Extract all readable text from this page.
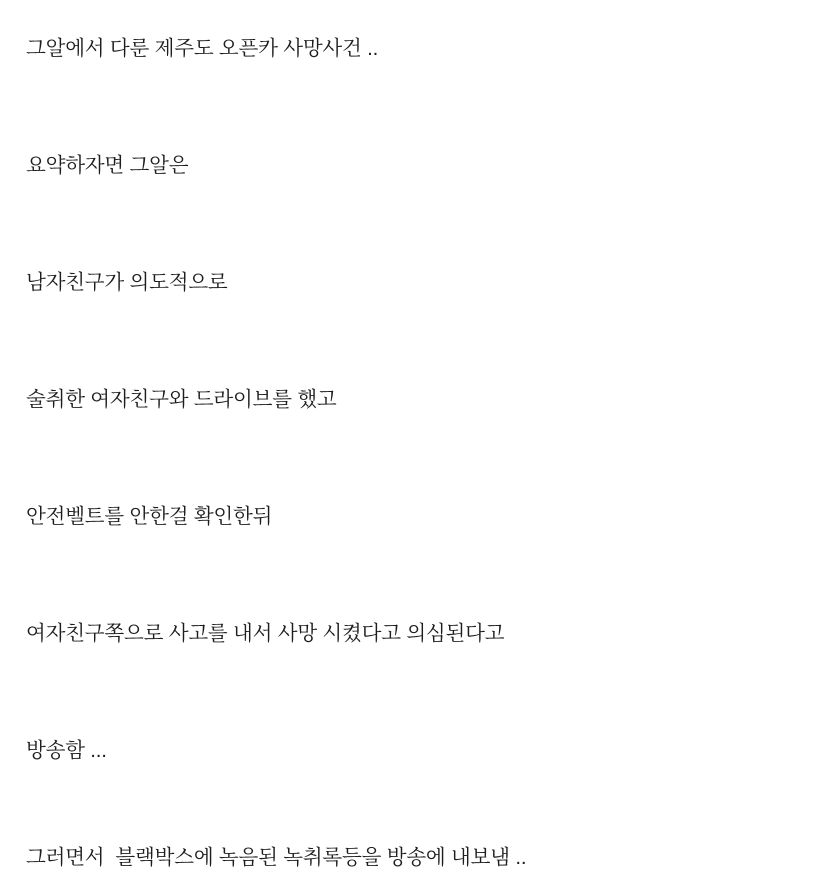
그알에서 다룬 제주도 오픈카 사망사건 ..

요약하자면 그알은

남자친구가 의도적으로

술취한 여자친구와 드라이브를 했고

안전벨트를 안한걸 확인한뒤

여자친구쪽으로 사고를 내서 사망 시켰다고 의심된다고

방송함 ...

그러면서  블랙박스에 녹음된 녹취록등을 방송에 내보냄 ..
